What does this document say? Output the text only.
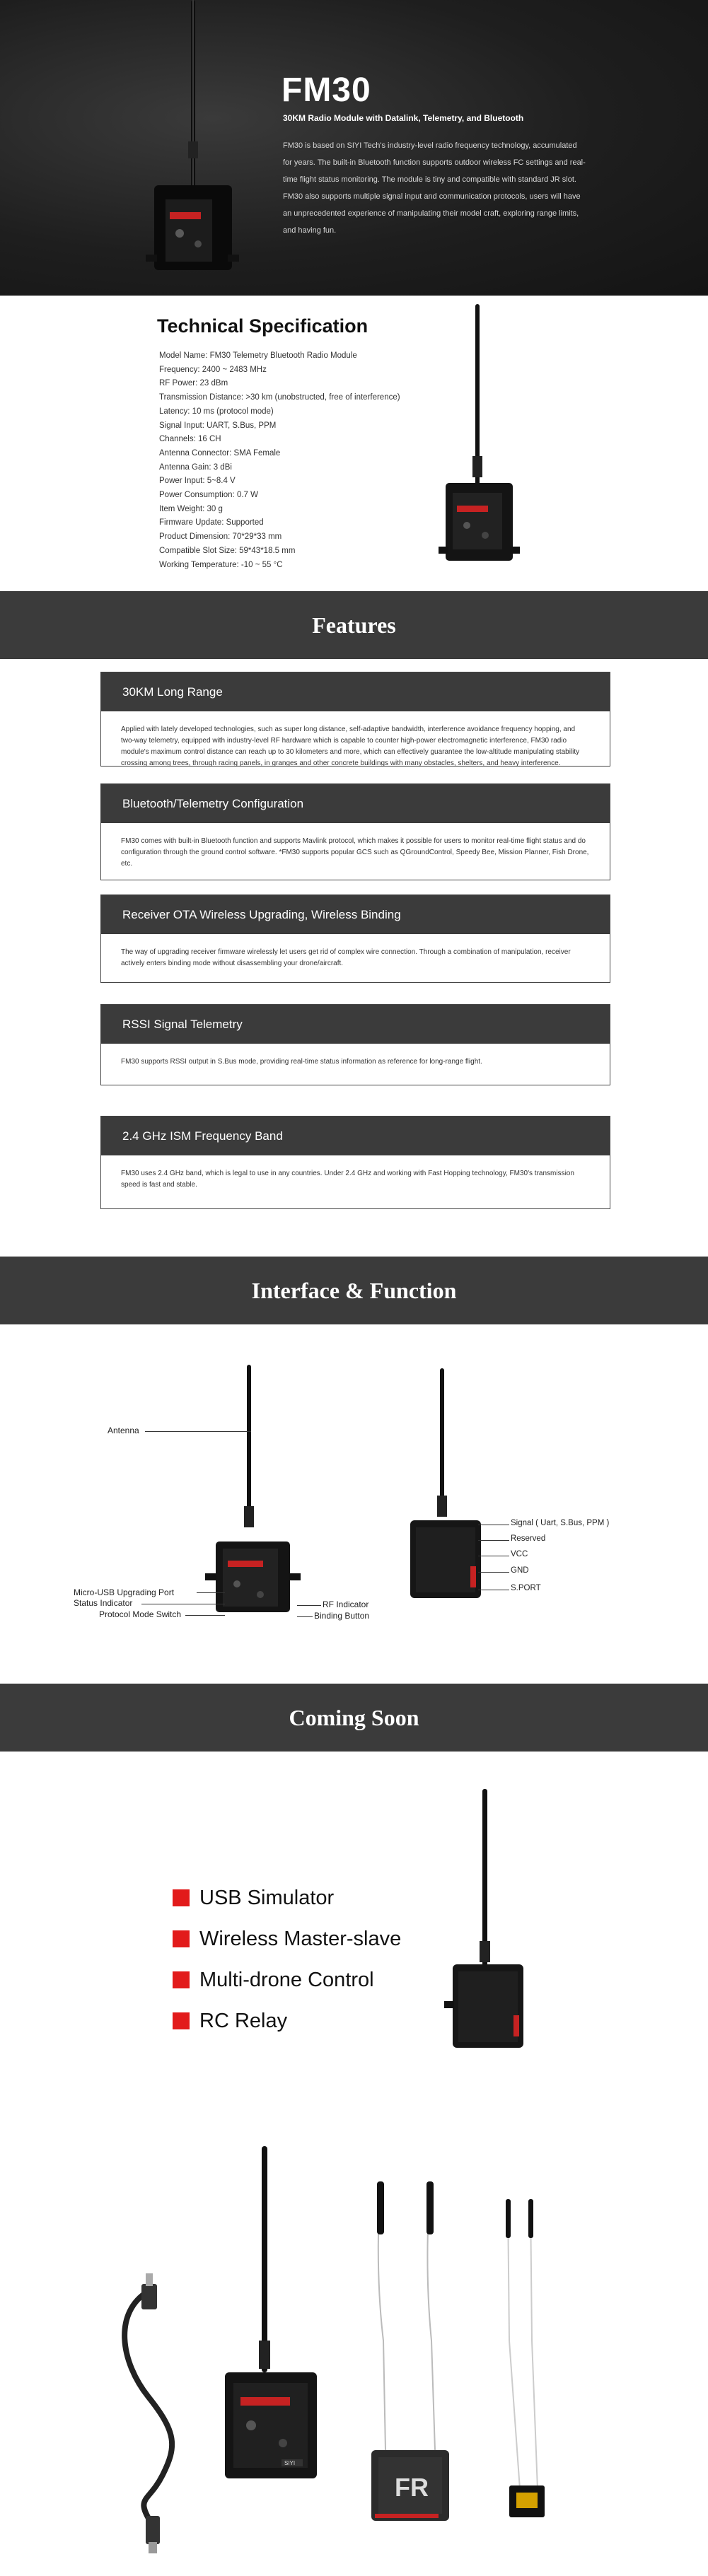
FM30
30KM Radio Module with Datalink, Telemetry, and Bluetooth
FM30 is based on SIYI Tech's industry-level radio frequency technology, accumulated for years. The built-in Bluetooth function supports outdoor wireless FC settings and real-time flight status monitoring. The module is tiny and compatible with standard JR slot. FM30 also supports multiple signal input and communication protocols, users will have an unprecedented experience of manipulating their model craft, exploring range limits, and having fun.
Technical Specification
Model Name: FM30 Telemetry Bluetooth Radio Module
Frequency: 2400 ~ 2483 MHz
RF Power: 23 dBm
Transmission Distance: >30 km (unobstructed, free of interference)
Latency: 10 ms (protocol mode)
Signal Input: UART, S.Bus, PPM
Channels: 16 CH
Antenna Connector: SMA Female
Antenna Gain: 3 dBi
Power Input: 5~8.4 V
Power Consumption: 0.7 W
Item Weight: 30 g
Firmware Update: Supported
Product Dimension: 70*29*33 mm
Compatible Slot Size: 59*43*18.5 mm
Working Temperature: -10 ~ 55 °C
Features
30KM Long Range
Applied with lately developed technologies, such as super long distance, self-adaptive bandwidth, interference avoidance frequency hopping, and two-way telemetry, equipped with industry-level RF hardware which is capable to counter high-power electromagnetic interference, FM30 radio module's maximum control distance can reach up to 30 kilometers and more, which can effectively guarantee the low-altitude manipulating stability crossing among trees, through racing panels, in granges and other concrete buildings with many obstacles, shelters, and heavy interference.
Bluetooth/Telemetry Configuration
FM30 comes with built-in Bluetooth function and supports Mavlink protocol, which makes it possible for users to monitor real-time flight status and do configuration through the ground control software. *FM30 supports popular GCS such as QGroundControl, Speedy Bee, Mission Planner, Fish Drone, etc.
Receiver OTA Wireless Upgrading, Wireless Binding
The way of upgrading receiver firmware wirelessly let users get rid of complex wire connection. Through a combination of manipulation, receiver actively enters binding mode without disassembling your drone/aircraft.
RSSI Signal Telemetry
FM30 supports RSSI output in S.Bus mode, providing real-time status information as reference for long-range flight.
2.4 GHz ISM Frequency Band
FM30 uses 2.4 GHz band, which is legal to use in any countries. Under 2.4 GHz and working with Fast Hopping technology, FM30's transmission speed is fast and stable.
Interface & Function
Antenna
Micro-USB Upgrading Port
Status Indicator
Protocol Mode Switch
RF Indicator
Binding Button
Signal ( Uart, S.Bus, PPM )
Reserved
VCC
GND
S.PORT
Coming Soon
USB Simulator
Wireless Master-slave
Multi-drone Control
RC Relay
SIYI
FR
